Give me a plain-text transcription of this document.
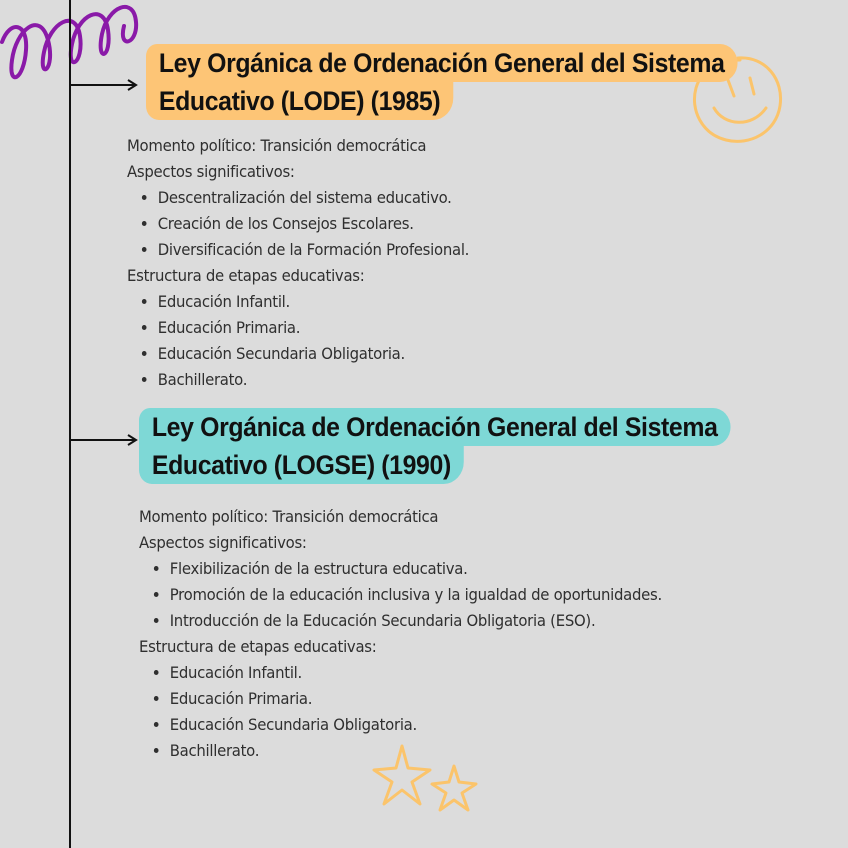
Ley Orgánica de Ordenación General del Sistema
Educativo (LODE) (1985)

Momento político: Transición democrática

Aspectos significativos:

• Descentralización del sistema educativo.
• Creación de los Consejos Escolares.
• Diversificación de la Formación Profesional.

Estructura de etapas educativas:

• Educación Infantil.
• Educación Primaria.
• Educación Secundaria Obligatoria.
• Bachillerato.
Ley Orgánica de Ordenación General del Sistema
Educativo (LOGSE) (1990)

Momento político: Transición democrática

Aspectos significativos:

• Flexibilización de la estructura educativa.
• Promoción de la educación inclusiva y la igualdad de oportunidades.
• Introducción de la Educación Secundaria Obligatoria (ESO).

Estructura de etapas educativas:

• Educación Infantil.
• Educación Primaria.
• Educación Secundaria Obligatoria.
• Bachillerato.
